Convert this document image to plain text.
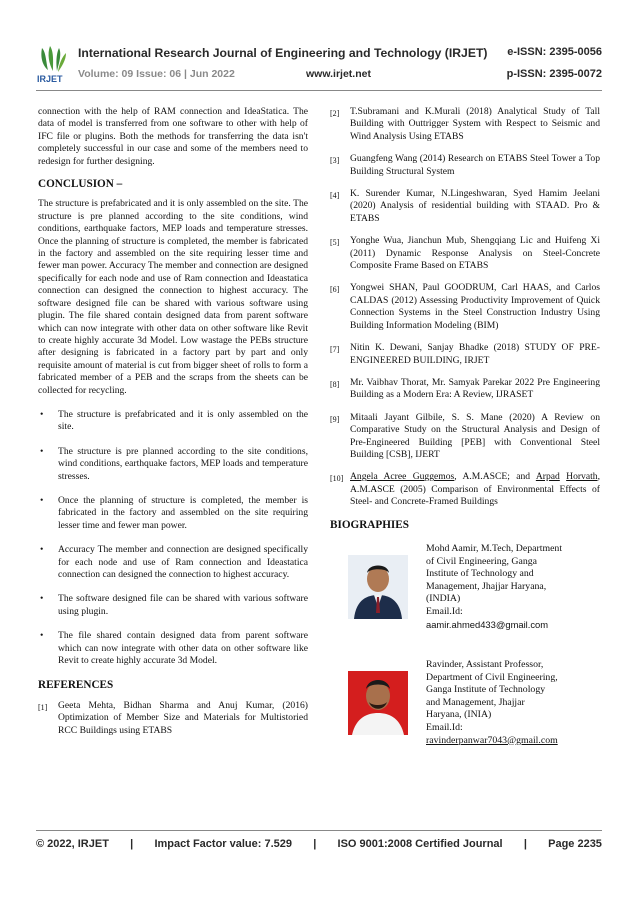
IRJET
International Research Journal of Engineering and Technology (IRJET) e-ISSN: 2395-0056
Volume: 09 Issue: 06 | Jun 2022	www.irjet.net	p-ISSN: 2395-0072

connection with the help of RAM connection and IdeaStatica. The data of model is transferred from one software to other with help of IFC file or plugins. Both the methods for transferring the data isn't completely successful in our case and some of the members need to redesign for further designing.

CONCLUSION –

The structure is prefabricated and it is only assembled on the site. The structure is pre planned according to the site conditions, wind conditions, earthquake factors, MEP loads and temperature stresses. Once the planning of structure is completed, the member is fabricated in the factory and assembled on the site requiring lesser time and fewer man power. Accuracy The member and connection are designed specifically for each node and use of Ram connection and Ideastatica connection can designed the connection to highest accuracy. The software designed file can be shared with various software using plugin. The file shared contain designed data from parent software which can now integrate with other data on other software like Revit to create highly accurate 3d Model. Low wastage the PEBs structure after designing is fabricated in a factory part by part and only requisite amount of material is cut from bigger sheet of rolls to form a fabricated member of a PEB and the scraps from the sheets can be collected for recycling.

• The structure is prefabricated and it is only assembled on the site.
• The structure is pre planned according to the site conditions, wind conditions, earthquake factors, MEP loads and temperature stresses.
• Once the planning of structure is completed, the member is fabricated in the factory and assembled on the site requiring lesser time and fewer man power.
• Accuracy The member and connection are designed specifically for each node and use of Ram connection and Ideastatica connection can designed the connection to highest accuracy.
• The software designed file can be shared with various software using plugin.
• The file shared contain designed data from parent software which can now integrate with other data on other software like Revit to create highly accurate 3d Model.
REFERENCES
[1]	Geeta Mehta, Bidhan Sharma and Anuj Kumar, (2016) Optimization of Member Size and Materials for Multistoried RCC Buildings using ETABS
[2]	T.Subramani and K.Murali (2018) Analytical Study of Tall Building with Outtrigger System with Respect to Seismic and Wind Analysis Using ETABS
[3]	Guangfeng Wang (2014) Research on ETABS Steel Tower a Top Building Structural System
[4]	K. Surender Kumar, N.Lingeshwaran, Syed Hamim Jeelani (2020) Analysis of residential building with STAAD. Pro & ETABS
[5]	Yonghe Wua, Jianchun Mub, Shengqiang Lic and Huifeng Xi (2011) Dynamic Response Analysis on Steel-Concrete Composite Frame Based on ETABS
[6]	Yongwei SHAN, Paul GOODRUM, Carl HAAS, and Carlos CALDAS (2012) Assessing Productivity Improvement of Quick Connection Systems in the Steel Construction Industry Using Building Information Modeling (BIM)
[7]	Nitin K. Dewani, Sanjay Bhadke (2018) STUDY OF PRE-ENGINEERED BUILDING, IRJET
[8]	Mr. Vaibhav Thorat, Mr. Samyak Parekar 2022 Pre Engineering Building as a Modern Era: A Review, IJRASET
[9]	Mitaali Jayant Gilbile, S. S. Mane (2020) A Review on Comparative Study on the Structural Analysis and Design of Pre-Engineered Building [PEB] with Conventional Steel Building [CSB], IJERT
[10] Angela Acree Guggemos, A.M.ASCE; and Arpad Horvath, A.M.ASCE (2005) Comparison of Environmental Effects of Steel- and Concrete-Framed Buildings
BIOGRAPHIES
Mohd Aamir, M.Tech, Department
of Civil Engineering, Ganga
Institute of Technology and
Management, Jhajjar Haryana,
(INDIA)
Email.Id:
aamir.ahmed433@gmail.com
Ravinder, Assistant Professor,
Department of Civil Engineering,
Ganga Institute of Technology
and Management, Jhajjar
Haryana, (INIA)
Email.Id:
ravinderpanwar7043@gmail.com
© 2022, IRJET | Impact Factor value: 7.529 | ISO 9001:2008 Certified Journal | Page 2235
